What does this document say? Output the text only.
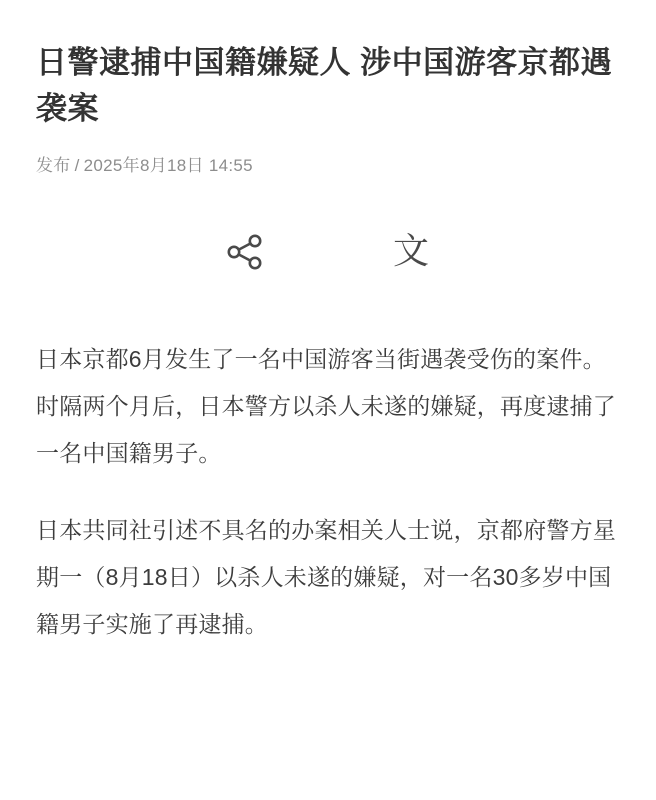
日警逮捕中国籍嫌疑人 涉中国游客京都遇袭案
发布 / 2025年8月18日 14:55
文

日本京都6月发生了一名中国游客当街遇袭受伤的案件。时隔两个月后，日本警方以杀人未遂的嫌疑，再度逮捕了一名中国籍男子。

日本共同社引述不具名的办案相关人士说，京都府警方星期一（8月18日）以杀人未遂的嫌疑，对一名30多岁中国籍男子实施了再逮捕。
